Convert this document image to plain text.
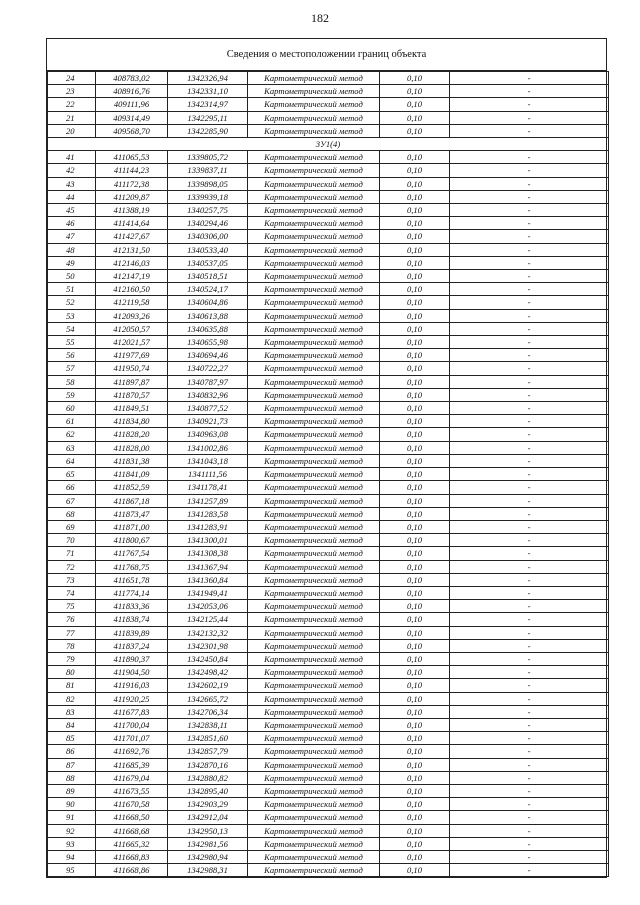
182
Сведения о местоположении границ объекта
24	408783,02	1342326,94	Картометрический метод	0,10	-
23	408916,76	1342331,10	Картометрический метод	0,10	-
22	409111,96	1342314,97	Картометрический метод	0,10	-
21	409314,49	1342295,11	Картометрический метод	0,10	-
20	409568,70	1342285,90	Картометрический метод	0,10	-
3У1(4)					
41	411065,53	1339805,72	Картометрический метод	0,10	-
42	411144,23	1339837,11	Картометрический метод	0,10	-
43	411172,38	1339898,05	Картометрический метод	0,10	-
44	411209,87	1339939,18	Картометрический метод	0,10	-
45	411388,19	1340257,75	Картометрический метод	0,10	-
46	411414,64	1340294,46	Картометрический метод	0,10	-
47	411427,67	1340306,00	Картометрический метод	0,10	-
48	412131,50	1340533,40	Картометрический метод	0,10	-
49	412146,03	1340537,05	Картометрический метод	0,10	-
50	412147,19	1340518,51	Картометрический метод	0,10	-
51	412160,50	1340524,17	Картометрический метод	0,10	-
52	412119,58	1340604,86	Картометрический метод	0,10	-
53	412093,26	1340613,88	Картометрический метод	0,10	-
54	412050,57	1340635,88	Картометрический метод	0,10	-
55	412021,57	1340655,98	Картометрический метод	0,10	-
56	411977,69	1340694,46	Картометрический метод	0,10	-
57	411950,74	1340722,27	Картометрический метод	0,10	-
58	411897,87	1340787,97	Картометрический метод	0,10	-
59	411870,57	1340832,96	Картометрический метод	0,10	-
60	411849,51	1340877,52	Картометрический метод	0,10	-
61	411834,80	1340921,73	Картометрический метод	0,10	-
62	411828,20	1340963,08	Картометрический метод	0,10	-
63	411828,00	1341002,86	Картометрический метод	0,10	-
64	411831,38	1341043,18	Картометрический метод	0,10	-
65	411841,09	1341111,56	Картометрический метод	0,10	-
66	411852,59	1341178,41	Картометрический метод	0,10	-
67	411867,18	1341257,89	Картометрический метод	0,10	-
68	411873,47	1341283,58	Картометрический метод	0,10	-
69	411871,00	1341283,91	Картометрический метод	0,10	-
70	411800,67	1341300,01	Картометрический метод	0,10	-
71	411767,54	1341308,38	Картометрический метод	0,10	-
72	411768,75	1341367,94	Картометрический метод	0,10	-
73	411651,78	1341360,84	Картометрический метод	0,10	-
74	411774,14	1341949,41	Картометрический метод	0,10	-
75	411833,36	1342053,06	Картометрический метод	0,10	-
76	411838,74	1342125,44	Картометрический метод	0,10	-
77	411839,89	1342132,32	Картометрический метод	0,10	-
78	411837,24	1342301,98	Картометрический метод	0,10	-
79	411890,37	1342450,84	Картометрический метод	0,10	-
80	411904,50	1342498,42	Картометрический метод	0,10	-
81	411916,03	1342602,19	Картометрический метод	0,10	-
82	411920,25	1342665,72	Картометрический метод	0,10	-
83	411677,83	1342706,34	Картометрический метод	0,10	-
84	411700,04	1342838,11	Картометрический метод	0,10	-
85	411701,07	1342851,60	Картометрический метод	0,10	-
86	411692,76	1342857,79	Картометрический метод	0,10	-
87	411685,39	1342870,16	Картометрический метод	0,10	-
88	411679,04	1342880,82	Картометрический метод	0,10	-
89	411673,55	1342895,40	Картометрический метод	0,10	-
90	411670,58	1342903,29	Картометрический метод	0,10	-
91	411668,50	1342912,04	Картометрический метод	0,10	-
92	411668,68	1342950,13	Картометрический метод	0,10	-
93	411665,32	1342981,56	Картометрический метод	0,10	-
94	411668,83	1342980,94	Картометрический метод	0,10	-
95	411668,86	1342988,31	Картометрический метод	0,10	-
